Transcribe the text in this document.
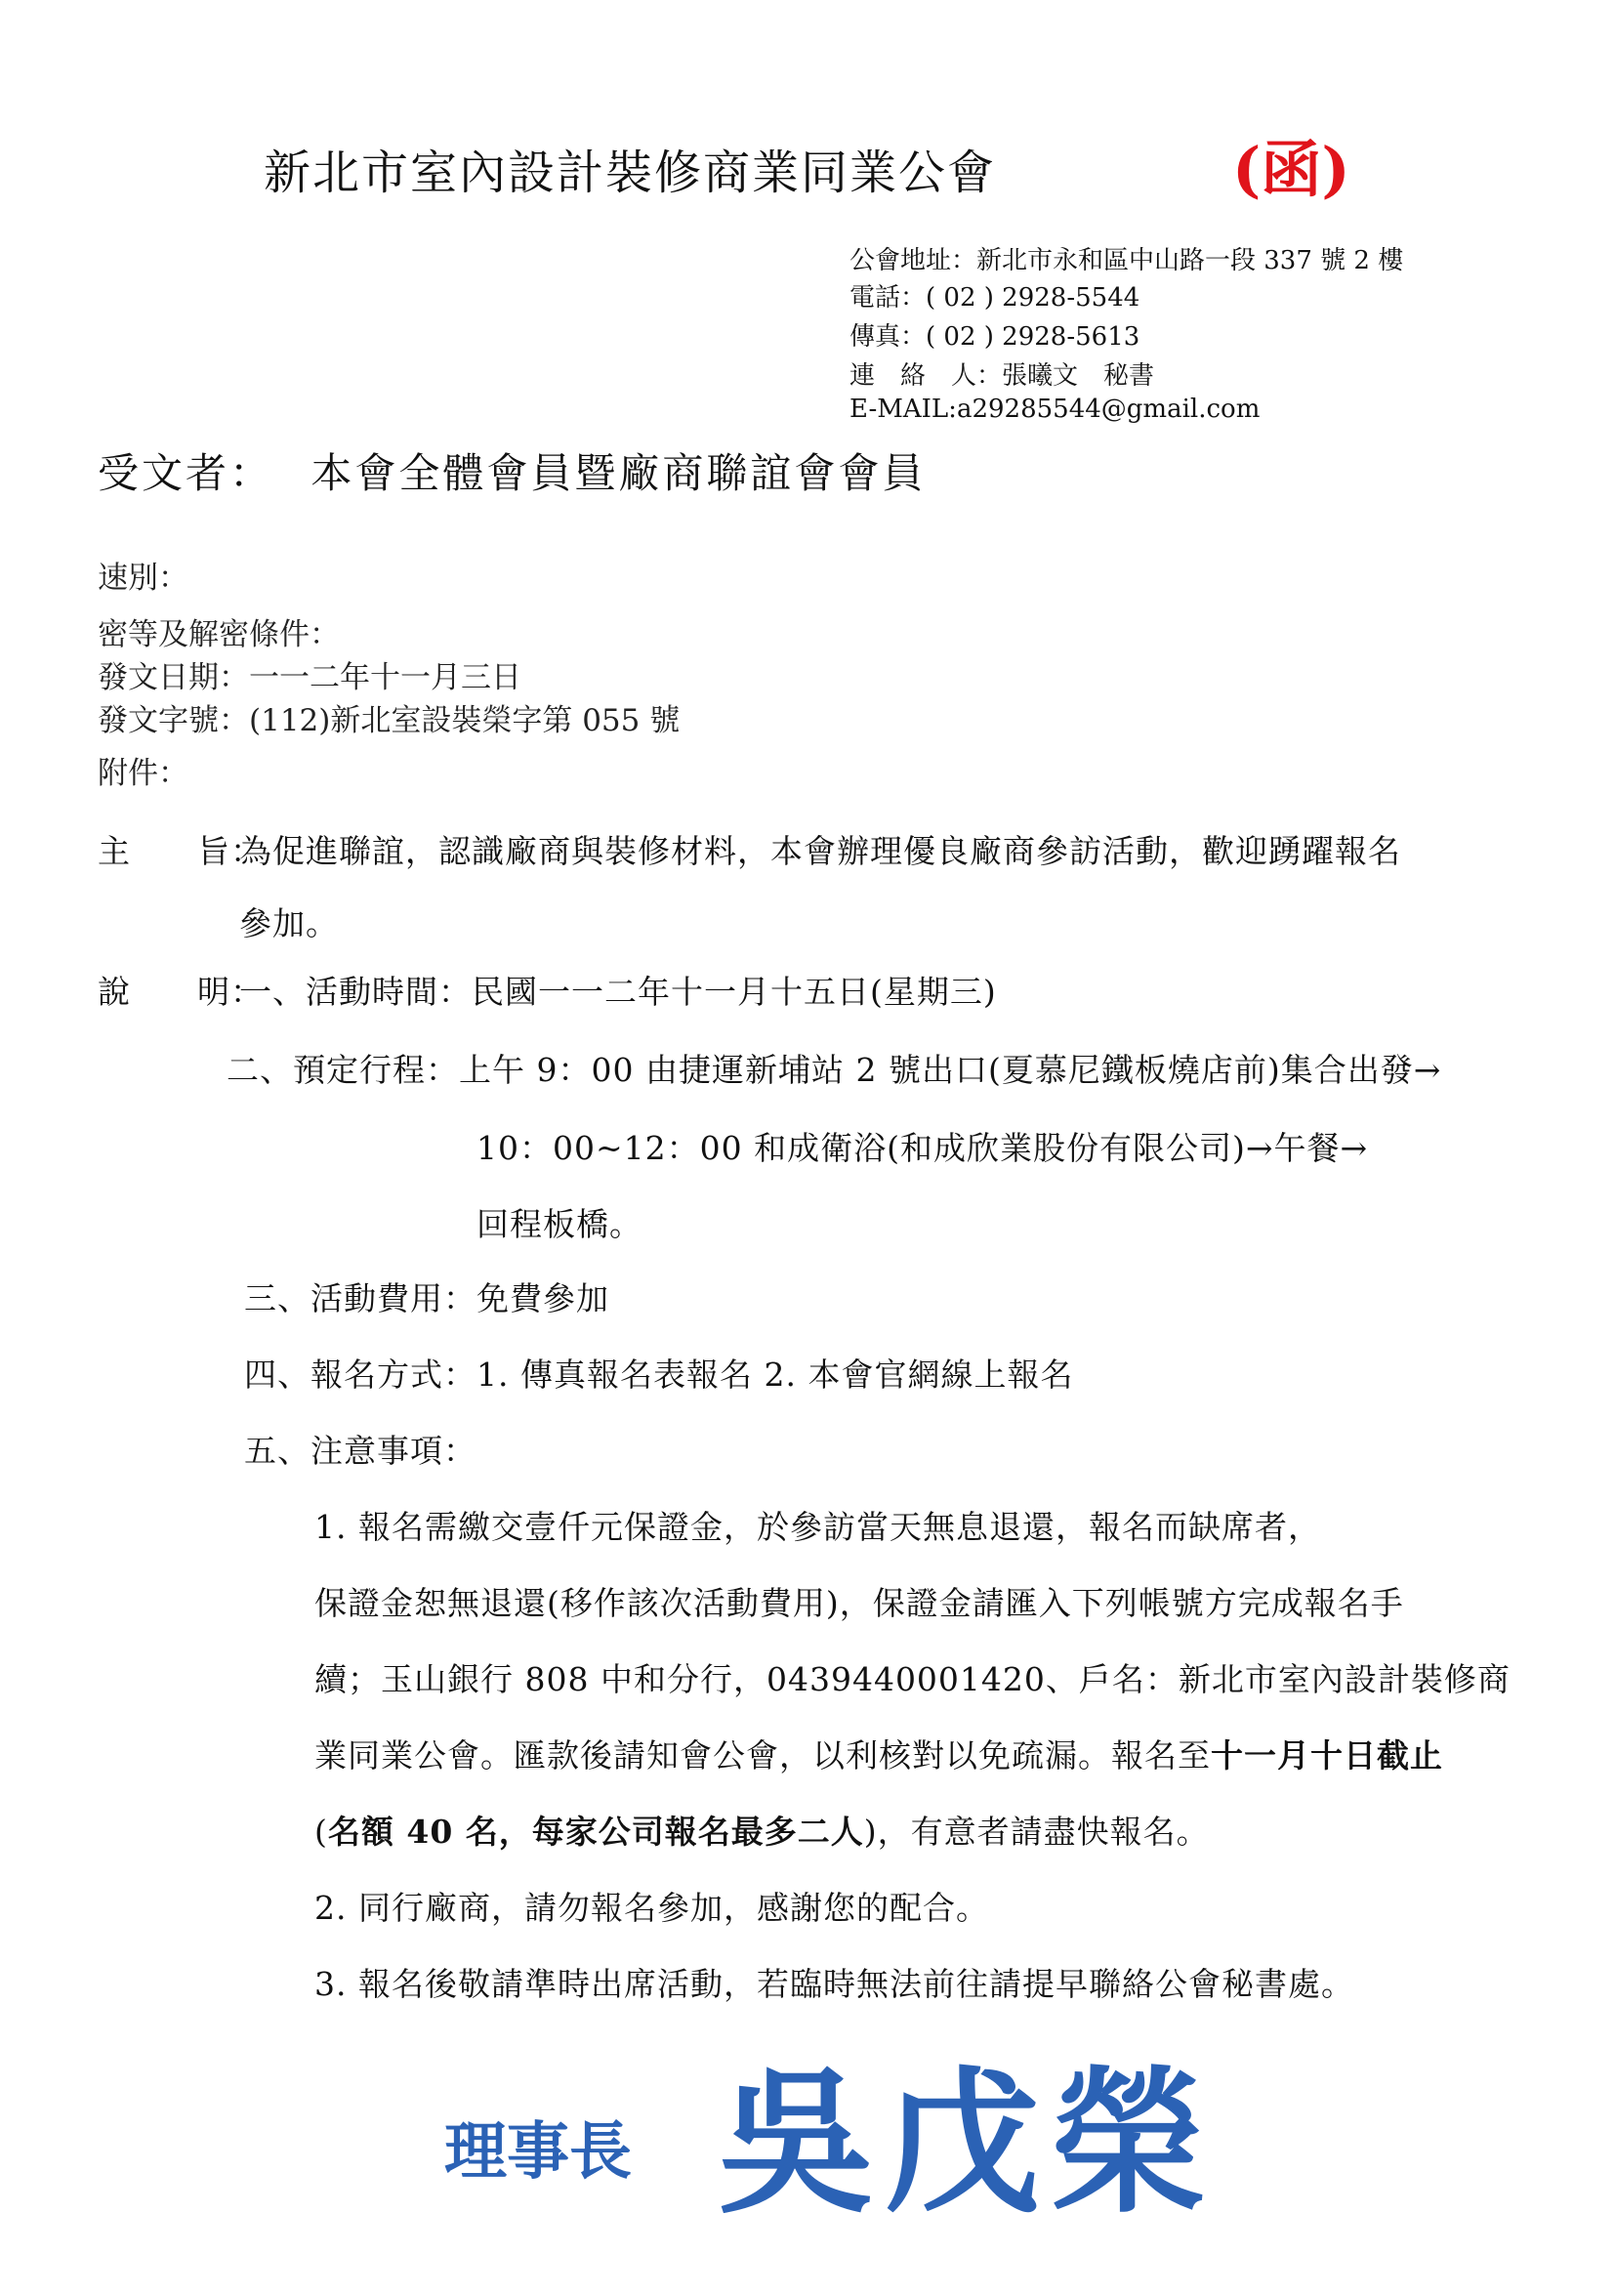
新北市室內設計裝修商業同業公會	(函)
公會地址：新北市永和區中山路一段 337 號 2 樓
電話：( 02 ) 2928-5544
傳真：( 02 ) 2928-5613
連　絡　人：張曦文　秘書
E-MAIL:a29285544@gmail.com
受文者： 本會全體會員暨廠商聯誼會會員
速別：
密等及解密條件：
發文日期：一一二年十一月三日
發文字號：(112)新北室設裝榮字第 055 號
附件：
主　　旨：
為促進聯誼，認識廠商與裝修材料，本會辦理優良廠商參訪活動，歡迎踴躍報名
參加。
說　　明：
一、活動時間：民國一一二年十一月十五日(星期三)
二、預定行程：上午 9：00 由捷運新埔站 2 號出口(夏慕尼鐵板燒店前)集合出發→
10：00~12：00 和成衛浴(和成欣業股份有限公司)→午餐→
回程板橋。
三、活動費用：免費參加
四、報名方式：1. 傳真報名表報名 2. 本會官網線上報名
五、注意事項：
1. 報名需繳交壹仟元保證金，於參訪當天無息退還，報名而缺席者，
保證金恕無退還(移作該次活動費用)，保證金請匯入下列帳號方完成報名手
續；玉山銀行 808 中和分行，0439440001420、戶名：新北市室內設計裝修商
業同業公會。匯款後請知會公會，以利核對以免疏漏。報名至十一月十日截止
(名額 40 名，每家公司報名最多二人)，有意者請盡快報名。
2. 同行廠商，請勿報名參加，感謝您的配合。
3. 報名後敬請準時出席活動，若臨時無法前往請提早聯絡公會秘書處。
理事長 吳戊榮
